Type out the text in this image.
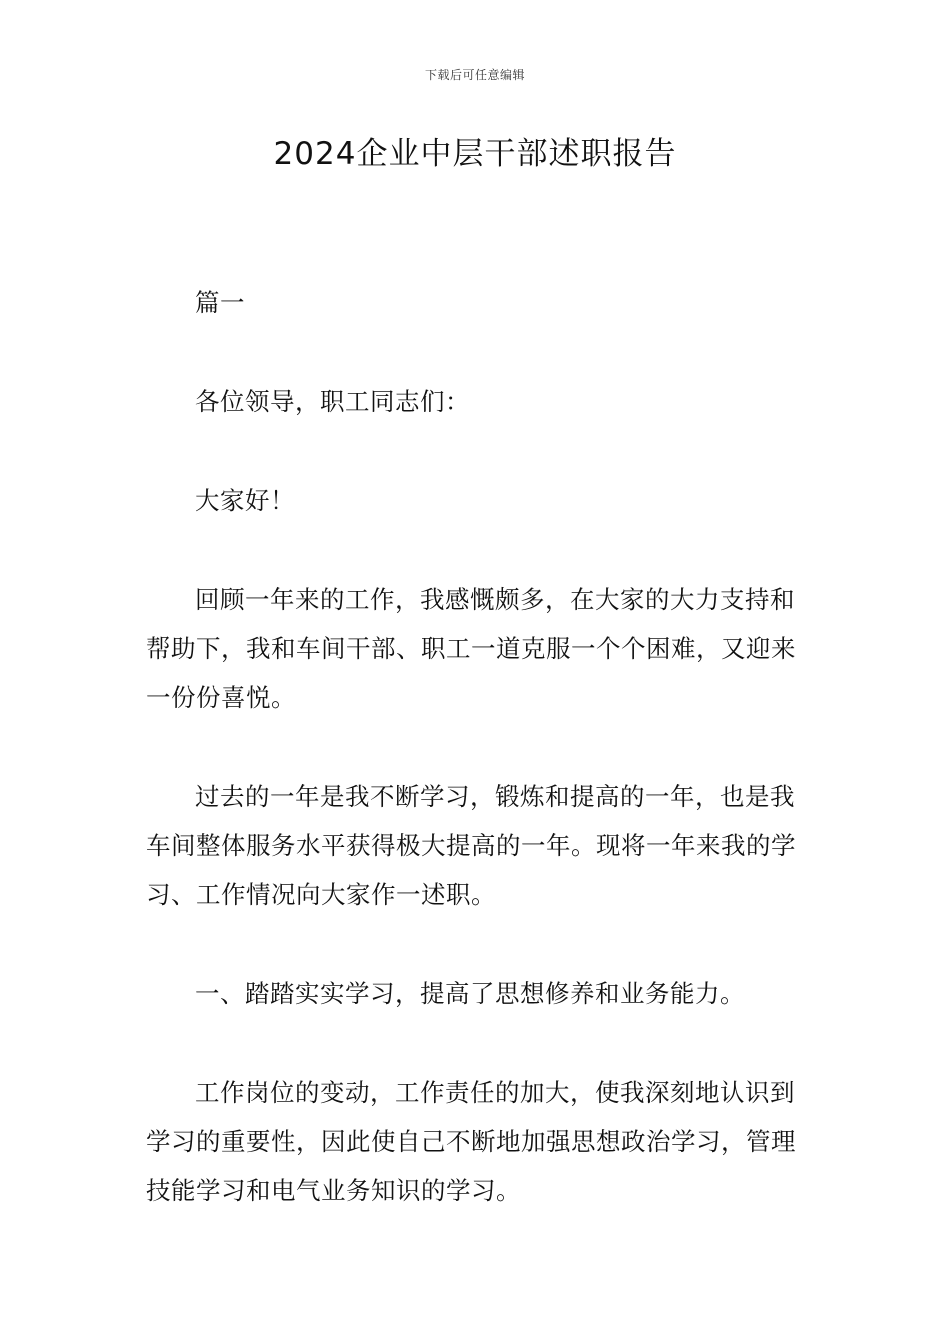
下载后可任意编辑
2024企业中层干部述职报告

篇一

各位领导，职工同志们：

大家好！

回顾一年来的工作，我感慨颇多，在大家的大力支持和帮助下，我和车间干部、职工一道克服一个个困难，又迎来一份份喜悦。

过去的一年是我不断学习，锻炼和提高的一年，也是我车间整体服务水平获得极大提高的一年。现将一年来我的学习、工作情况向大家作一述职。

一、踏踏实实学习，提高了思想修养和业务能力。

工作岗位的变动，工作责任的加大，使我深刻地认识到学习的重要性，因此使自己不断地加强思想政治学习，管理技能学习和电气业务知识的学习。
